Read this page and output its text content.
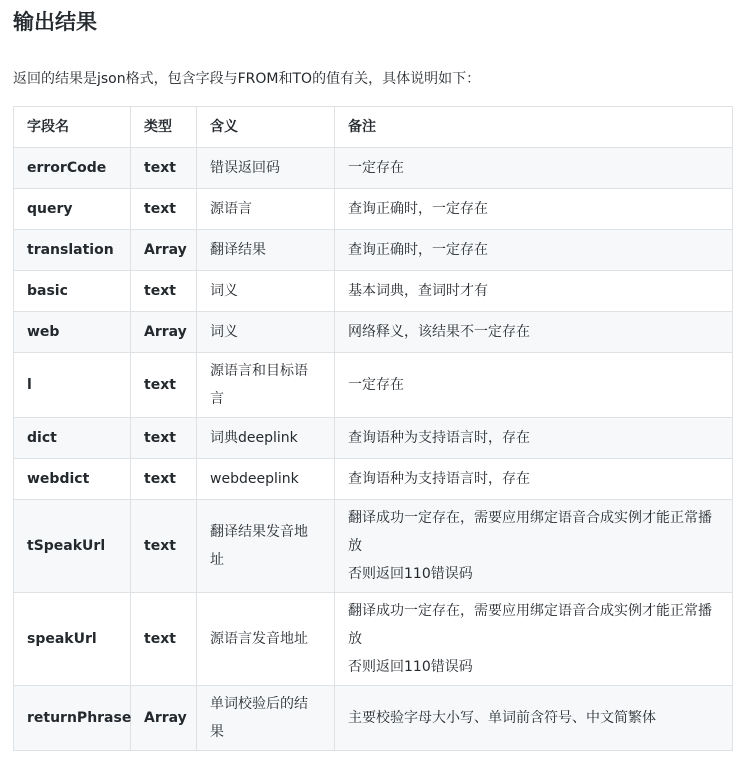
输出结果

返回的结果是json格式，包含字段与FROM和TO的值有关，具体说明如下：

字段名	类型	含义	备注
errorCode	text	错误返回码	一定存在

query	text	源语言	查询正确时，一定存在

translation	Array	翻译结果	查询正确时，一定存在

basic	text	词义	基本词典，查词时才有

web	Array	词义	网络释义，该结果不一定存在

l	text	源语言和目标语言	一定存在

dict	text	词典deeplink	查询语种为支持语言时，存在

webdict	text	webdeeplink	查询语种为支持语言时，存在

tSpeakUrl	text	翻译结果发音地址	翻译成功一定存在，需要应用绑定语音合成实例才能正常播放
否则返回110错误码

speakUrl	text	源语言发音地址	翻译成功一定存在，需要应用绑定语音合成实例才能正常播放
否则返回110错误码

returnPhrase	Array	单词校验后的结果	主要校验字母大小写、单词前含符号、中文简繁体
